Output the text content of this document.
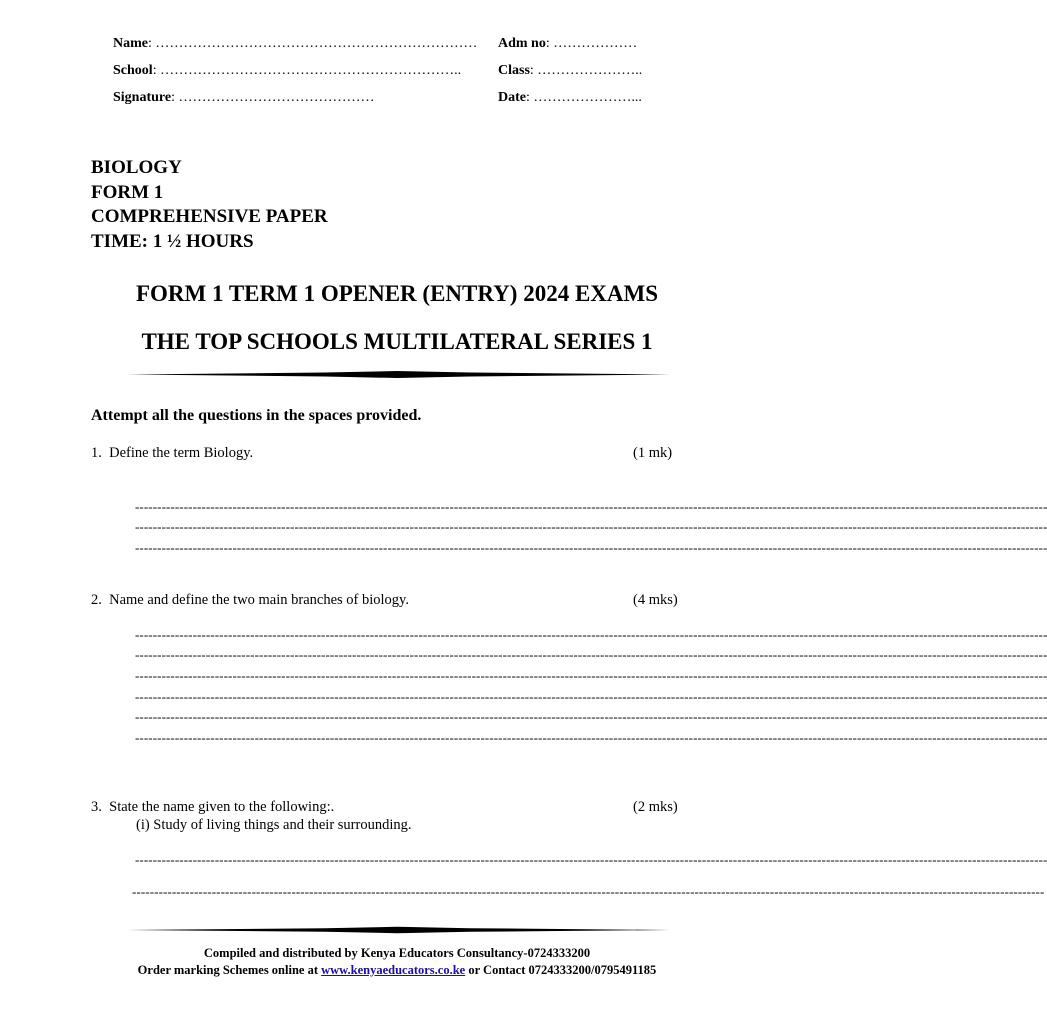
Name: …………………………………………………………… Adm no: ………………
School: ………………………………………………………..	Class: …………………..
Signature: ……………………………………	Date: …………………...
BIOLOGY
FORM 1
COMPREHENSIVE PAPER
TIME: 1 ½ HOURS
FORM 1 TERM 1 OPENER (ENTRY) 2024 EXAMS
THE TOP SCHOOLS MULTILATERAL SERIES 1
Attempt all the questions in the spaces provided.
1. Define the term Biology.	(1 mk)
--------------------------------------------------------------------------------------------------------------------------------------------------------------------------------------------------------------
--------------------------------------------------------------------------------------------------------------------------------------------------------------------------------------------------------------
--------------------------------------------------------------------------------------------------------------------------------------------------------------------------------------------------------------
2. Name and define the two main branches of biology.	(4 mks)
--------------------------------------------------------------------------------------------------------------------------------------------------------------------------------------------------------------
--------------------------------------------------------------------------------------------------------------------------------------------------------------------------------------------------------------
--------------------------------------------------------------------------------------------------------------------------------------------------------------------------------------------------------------
--------------------------------------------------------------------------------------------------------------------------------------------------------------------------------------------------------------
--------------------------------------------------------------------------------------------------------------------------------------------------------------------------------------------------------------
--------------------------------------------------------------------------------------------------------------------------------------------------------------------------------------------------------------
3. State the name given to the following:.	(2 mks)
(i) Study of living things and their surrounding.
--------------------------------------------------------------------------------------------------------------------------------------------------------------------------------------------------------------
--------------------------------------------------------------------------------------------------------------------------------------------------------------------------------------------------------------
Compiled and distributed by Kenya Educators Consultancy-0724333200
Order marking Schemes online at www.kenyaeducators.co.ke or Contact 0724333200/0795491185
